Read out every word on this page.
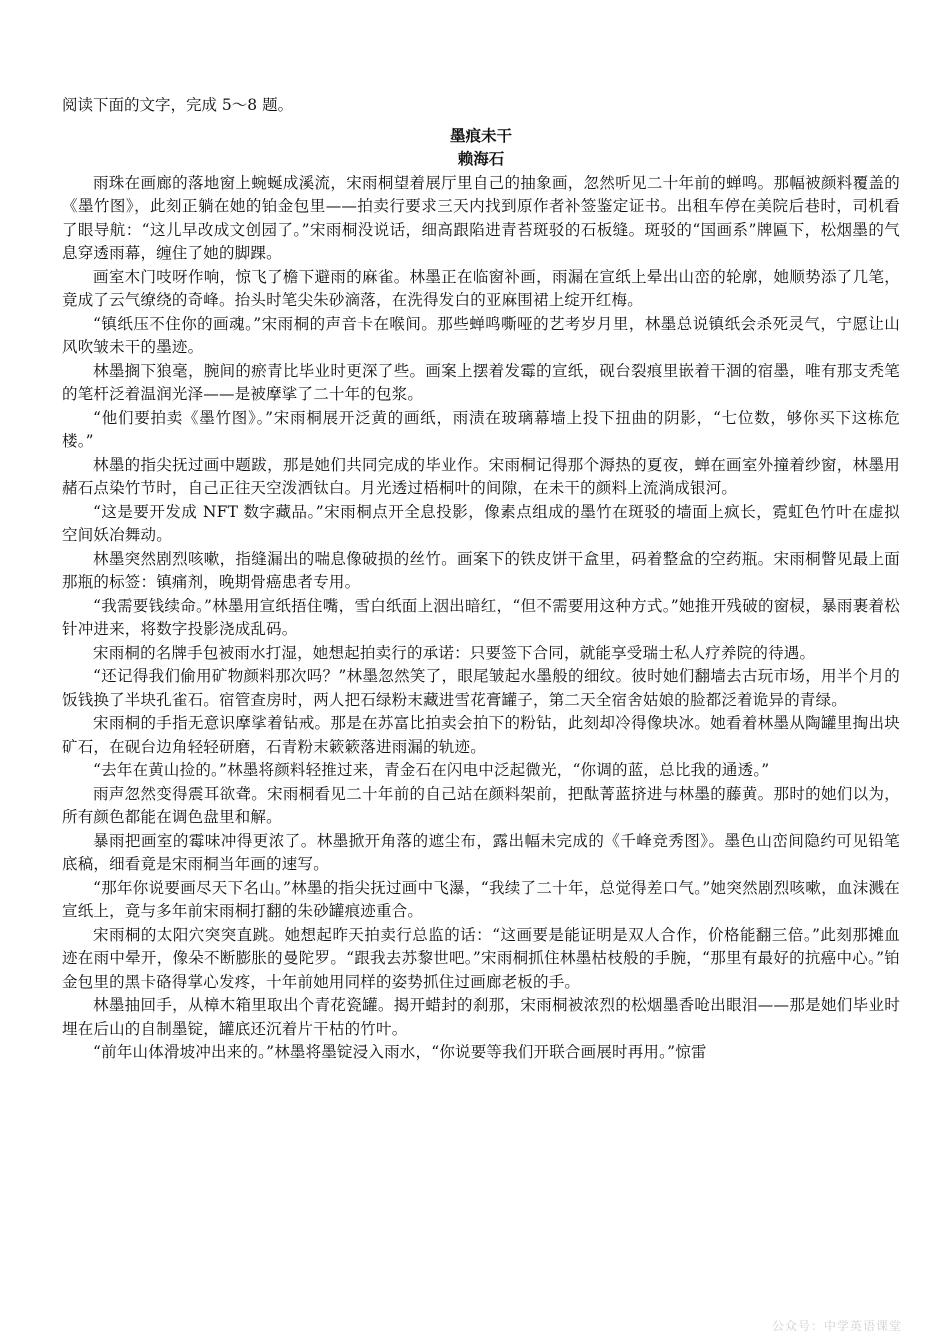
阅读下面的文字，完成 5～8 题。

墨痕未干

赖海石

雨珠在画廊的落地窗上蜿蜒成溪流，宋雨桐望着展厅里自己的抽象画，忽然听见二十年前的蝉鸣。那幅被颜料覆盖的《墨竹图》，此刻正躺在她的铂金包里——拍卖行要求三天内找到原作者补签鉴定证书。出租车停在美院后巷时，司机看了眼导航：“这儿早改成文创园了。”宋雨桐没说话，细高跟陷进青苔斑驳的石板缝。斑驳的“国画系”牌匾下，松烟墨的气息穿透雨幕，缠住了她的脚踝。

画室木门吱呀作响，惊飞了檐下避雨的麻雀。林墨正在临窗补画，雨漏在宣纸上晕出山峦的轮廓，她顺势添了几笔，竟成了云气缭绕的奇峰。抬头时笔尖朱砂滴落，在洗得发白的亚麻围裙上绽开红梅。

“镇纸压不住你的画魂。”宋雨桐的声音卡在喉间。那些蝉鸣嘶哑的艺考岁月里，林墨总说镇纸会杀死灵气，宁愿让山风吹皱未干的墨迹。

林墨搁下狼毫，腕间的瘀青比毕业时更深了些。画案上摆着发霉的宣纸，砚台裂痕里嵌着干涸的宿墨，唯有那支秃笔的笔杆泛着温润光泽——是被摩挲了二十年的包浆。

“他们要拍卖《墨竹图》。”宋雨桐展开泛黄的画纸，雨渍在玻璃幕墙上投下扭曲的阴影，“七位数，够你买下这栋危楼。”

林墨的指尖抚过画中题跋，那是她们共同完成的毕业作。宋雨桐记得那个溽热的夏夜，蝉在画室外撞着纱窗，林墨用赭石点染竹节时，自己正往天空泼洒钛白。月光透过梧桐叶的间隙，在未干的颜料上流淌成银河。

“这是要开发成 NFT 数字藏品。”宋雨桐点开全息投影，像素点组成的墨竹在斑驳的墙面上疯长，霓虹色竹叶在虚拟空间妖冶舞动。

林墨突然剧烈咳嗽，指缝漏出的喘息像破损的丝竹。画案下的铁皮饼干盒里，码着整盒的空药瓶。宋雨桐瞥见最上面那瓶的标签：镇痛剂，晚期骨癌患者专用。

“我需要钱续命。”林墨用宣纸捂住嘴，雪白纸面上洇出暗红，“但不需要用这种方式。”她推开残破的窗棂，暴雨裹着松针冲进来，将数字投影浇成乱码。

宋雨桐的名牌手包被雨水打湿，她想起拍卖行的承诺：只要签下合同，就能享受瑞士私人疗养院的待遇。

“还记得我们偷用矿物颜料那次吗？”林墨忽然笑了，眼尾皱起水墨般的细纹。彼时她们翻墙去古玩市场，用半个月的饭钱换了半块孔雀石。宿管查房时，两人把石绿粉末藏进雪花膏罐子，第二天全宿舍姑娘的脸都泛着诡异的青绿。

宋雨桐的手指无意识摩挲着钻戒。那是在苏富比拍卖会拍下的粉钻，此刻却冷得像块冰。她看着林墨从陶罐里掏出块矿石，在砚台边角轻轻研磨，石青粉末簌簌落进雨漏的轨迹。

“去年在黄山捡的。”林墨将颜料轻推过来，青金石在闪电中泛起微光，“你调的蓝，总比我的通透。”

雨声忽然变得震耳欲聋。宋雨桐看见二十年前的自己站在颜料架前，把酞菁蓝挤进与林墨的藤黄。那时的她们以为，所有颜色都能在调色盘里和解。

暴雨把画室的霉味冲得更浓了。林墨掀开角落的遮尘布，露出幅未完成的《千峰竞秀图》。墨色山峦间隐约可见铅笔底稿，细看竟是宋雨桐当年画的速写。

“那年你说要画尽天下名山。”林墨的指尖抚过画中飞瀑，“我续了二十年，总觉得差口气。”她突然剧烈咳嗽，血沫溅在宣纸上，竟与多年前宋雨桐打翻的朱砂罐痕迹重合。

宋雨桐的太阳穴突突直跳。她想起昨天拍卖行总监的话：“这画要是能证明是双人合作，价格能翻三倍。”此刻那摊血迹在雨中晕开，像朵不断膨胀的曼陀罗。“跟我去苏黎世吧。”宋雨桐抓住林墨枯枝般的手腕，“那里有最好的抗癌中心。”铂金包里的黑卡硌得掌心发疼，十年前她用同样的姿势抓住过画廊老板的手。

林墨抽回手，从樟木箱里取出个青花瓷罐。揭开蜡封的刹那，宋雨桐被浓烈的松烟墨香呛出眼泪——那是她们毕业时埋在后山的自制墨锭，罐底还沉着片干枯的竹叶。

“前年山体滑坡冲出来的。”林墨将墨锭浸入雨水，“你说要等我们开联合画展时再用。”惊雷

公众号：中学英语课堂
